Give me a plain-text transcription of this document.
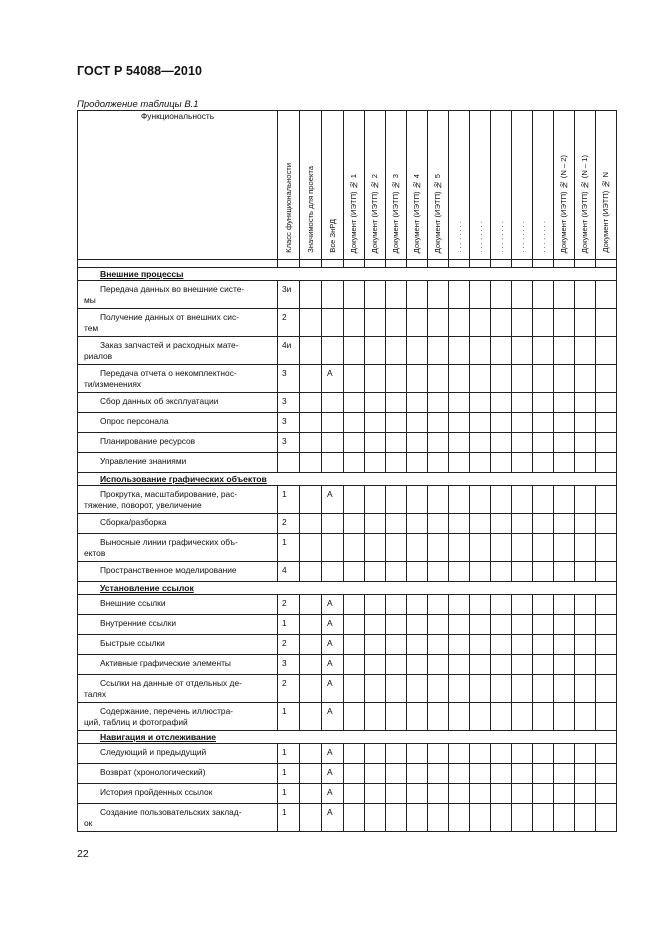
ГОСТ Р 54088—2010
Продолжение таблицы В.1
Функциональность	Класс функциональности	Значимость для проекта	Все ЗнРД	Документ (ИЭТП) № 1	Документ (ИЭТП) № 2	Документ (ИЭТП) № 3	Документ (ИЭТП) № 4	Документ (ИЭТП) № 5	. . . . . . . .	. . . . . . . .	. . . . . . . .	. . . . . . . .	. . . . . . . .	Документ (ИЭТП) № (N – 2)	Документ (ИЭТП) № (N – 1)	Документ (ИЭТП) № N

Внешние процессы																
Передача данных во внешние систе-
мы	3и															
Получение данных от внешних сис-
тем	2															
Заказ запчастей и расходных мате-
риалов	4и															
Передача отчета о некомплектнос-
ти/изменениях	3		А													
Сбор данных об эксплуатации	3															
Опрос персонала	3															
Планирование ресурсов	3															
Управление знаниями																
Использование графических объектов																
Прокрутка, масштабирование, рас-
тяжение, поворот, увеличение	1		А													
Сборка/разборка	2															
Выносные линии графических объ-
ектов	1															
Пространственное моделирование	4															
Установление ссылок																
Внешние ссылки	2		А													
Внутренние ссылки	1		А													
Быстрые ссылки	2		А													
Активные графические элементы	3		А													
Ссылки на данные от отдельных де-
талях	2		А													
Содержание, перечень иллюстра-
ций, таблиц и фотографий	1		А													
Навигация и отслеживание																
Следующий и предыдущий	1		А													
Возврат (хронологический)	1		А													
История пройденных ссылок	1		А													
Создание пользовательских заклад-
ок	1		А													
22
